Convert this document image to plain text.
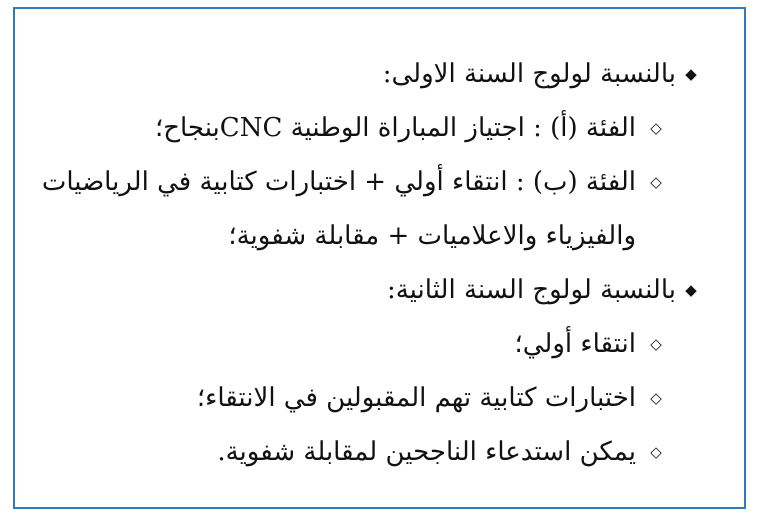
◆
بالنسبة لولوج السنة الاولى:
◇
الفئة (أ) : اجتياز المباراة الوطنية CNCبنجاح؛
◇
الفئة (ب) : انتقاء أولي + اختبارات كتابية في الرياضيات
والفيزياء والاعلاميات + مقابلة شفوية؛
◆
بالنسبة لولوج السنة الثانية:
◇
انتقاء أولي؛
◇
اختبارات كتابية تهم المقبولين في الانتقاء؛
◇
يمكن استدعاء الناجحين لمقابلة شفوية.
